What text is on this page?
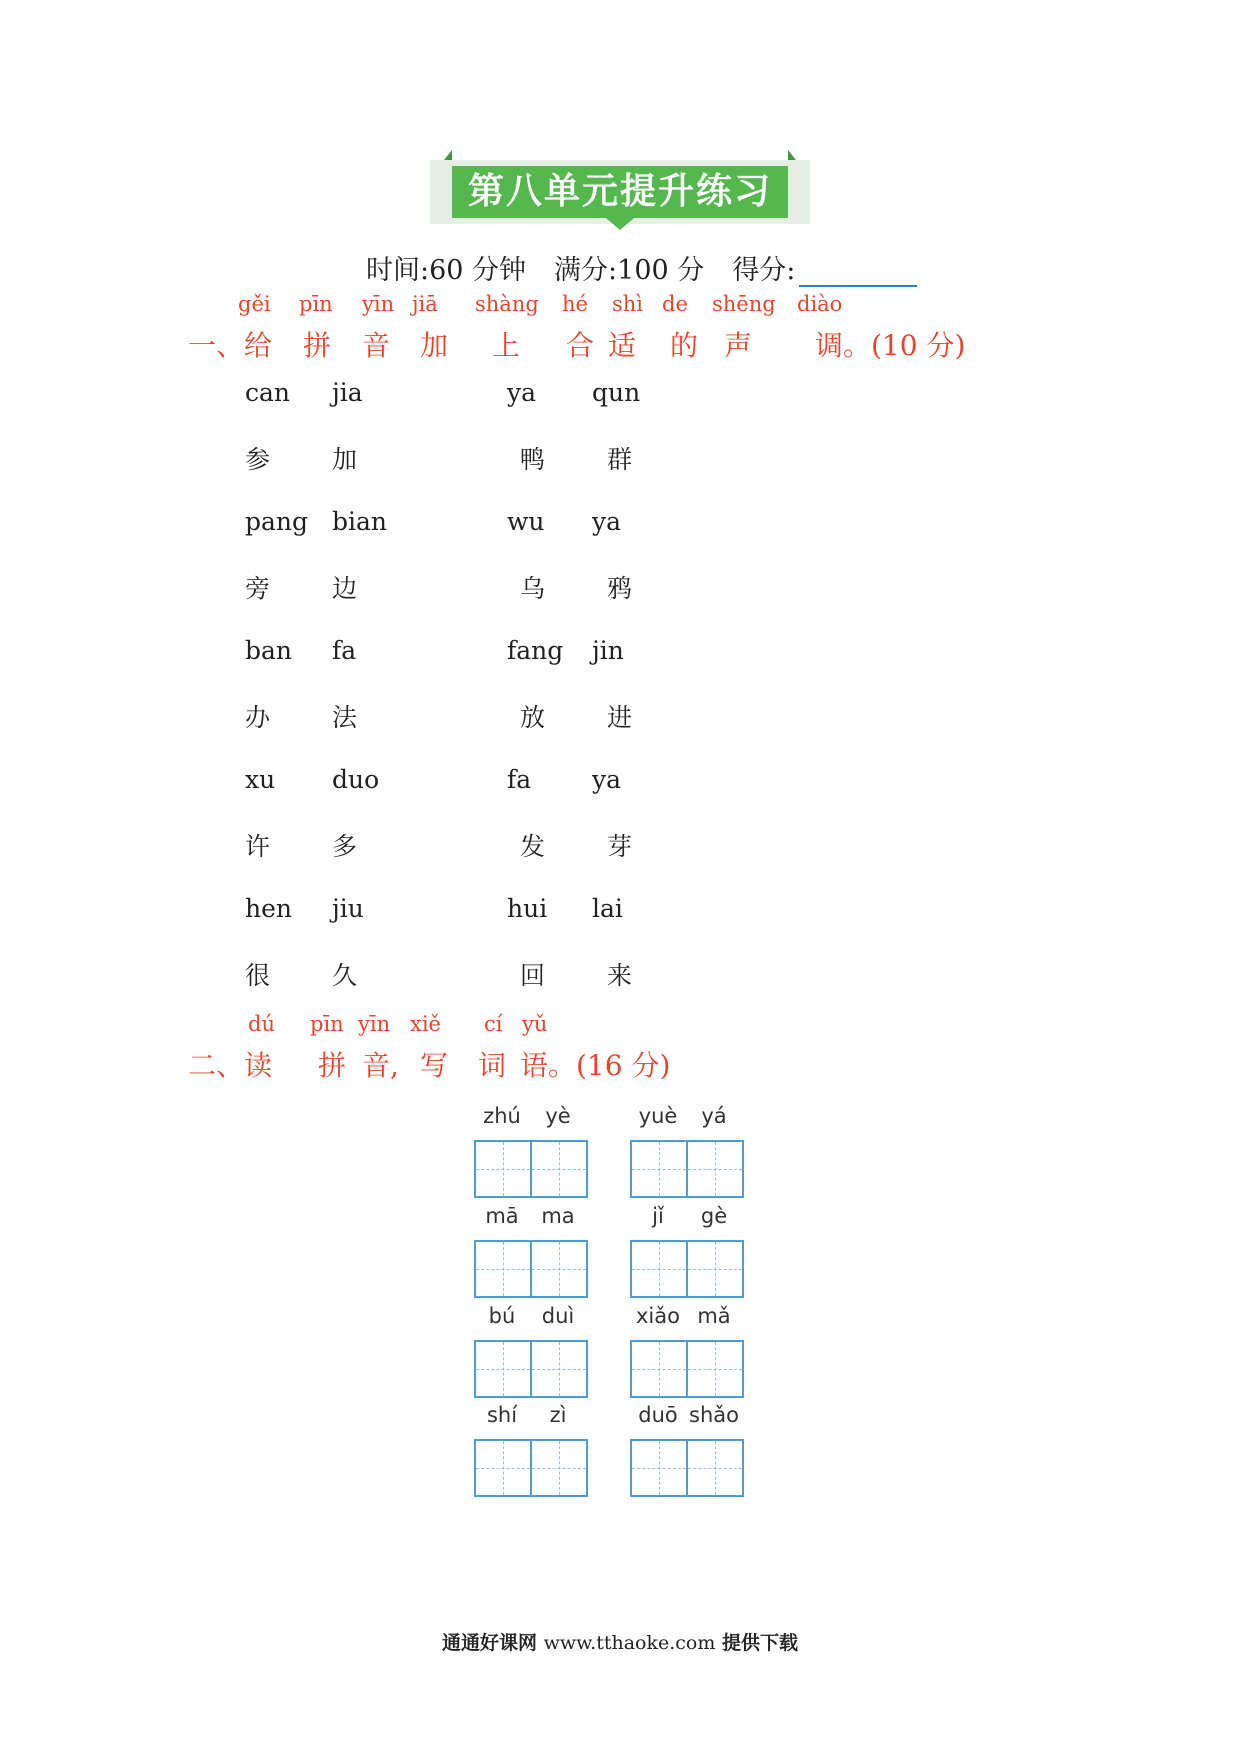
第八单元提升练习
时间:60 分钟 满分:100 分 得分:
gěi pīn yīn jiā shàng hé shì de shēng diào
一、给 拼 音 加 上 合 适 的 声 调。(10 分)
can jia	ya qun
参 加	鸭 群
pang bian	wu ya
旁 边	乌 鸦
ban fa	fang jin
办 法	放 进
xu duo	fa ya
许 多	发 芽
hen jiu	hui lai
很 久	回 来
dú pīn yīn xiě cí yǔ
二、读 拼 音, 写 词 语。(16 分)
zhú	yè	yuè	yá
mā	ma	jǐ	gè
bú	duì	xiǎo mǎ
shí	zì	duō shǎo
通通好课网 www.tthaoke.com 提供下载
